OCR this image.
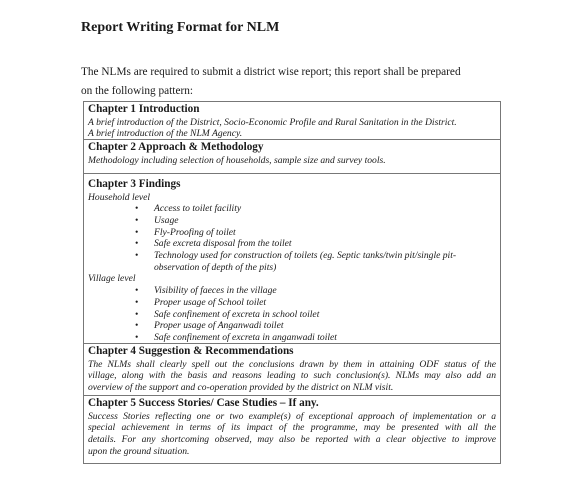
Report Writing Format for NLM
The NLMs are required to submit a district wise report; this report shall be prepared
on the following pattern:
Chapter 1 Introduction
A brief introduction of the District, Socio-Economic Profile and Rural Sanitation in the District.
A brief introduction of the NLM Agency.
Chapter 2 Approach & Methodology
Methodology including selection of households, sample size and survey tools.
Chapter 3 Findings
Household level
• Access to toilet facility
• Usage
• Fly-Proofing of toilet
• Safe excreta disposal from the toilet
• Technology used for construction of toilets (eg. Septic tanks/twin pit/single pit-
observation of depth of the pits)
Village level
• Visibility of faeces in the village
• Proper usage of School toilet
• Safe confinement of excreta in school toilet
• Proper usage of Anganwadi toilet
• Safe confinement of excreta in anganwadi toilet
Chapter 4 Suggestion & Recommendations
The NLMs shall clearly spell out the conclusions drawn by them in attaining ODF status of the
village, along with the basis and reasons leading to such conclusion(s). NLMs may also add an
overview of the support and co-operation provided by the district on NLM visit.
Chapter 5 Success Stories/ Case Studies – If any.
Success Stories reflecting one or two example(s) of exceptional approach of implementation or a
special achievement in terms of its impact of the programme, may be presented with all the
details. For any shortcoming observed, may also be reported with a clear objective to improve
upon the ground situation.
